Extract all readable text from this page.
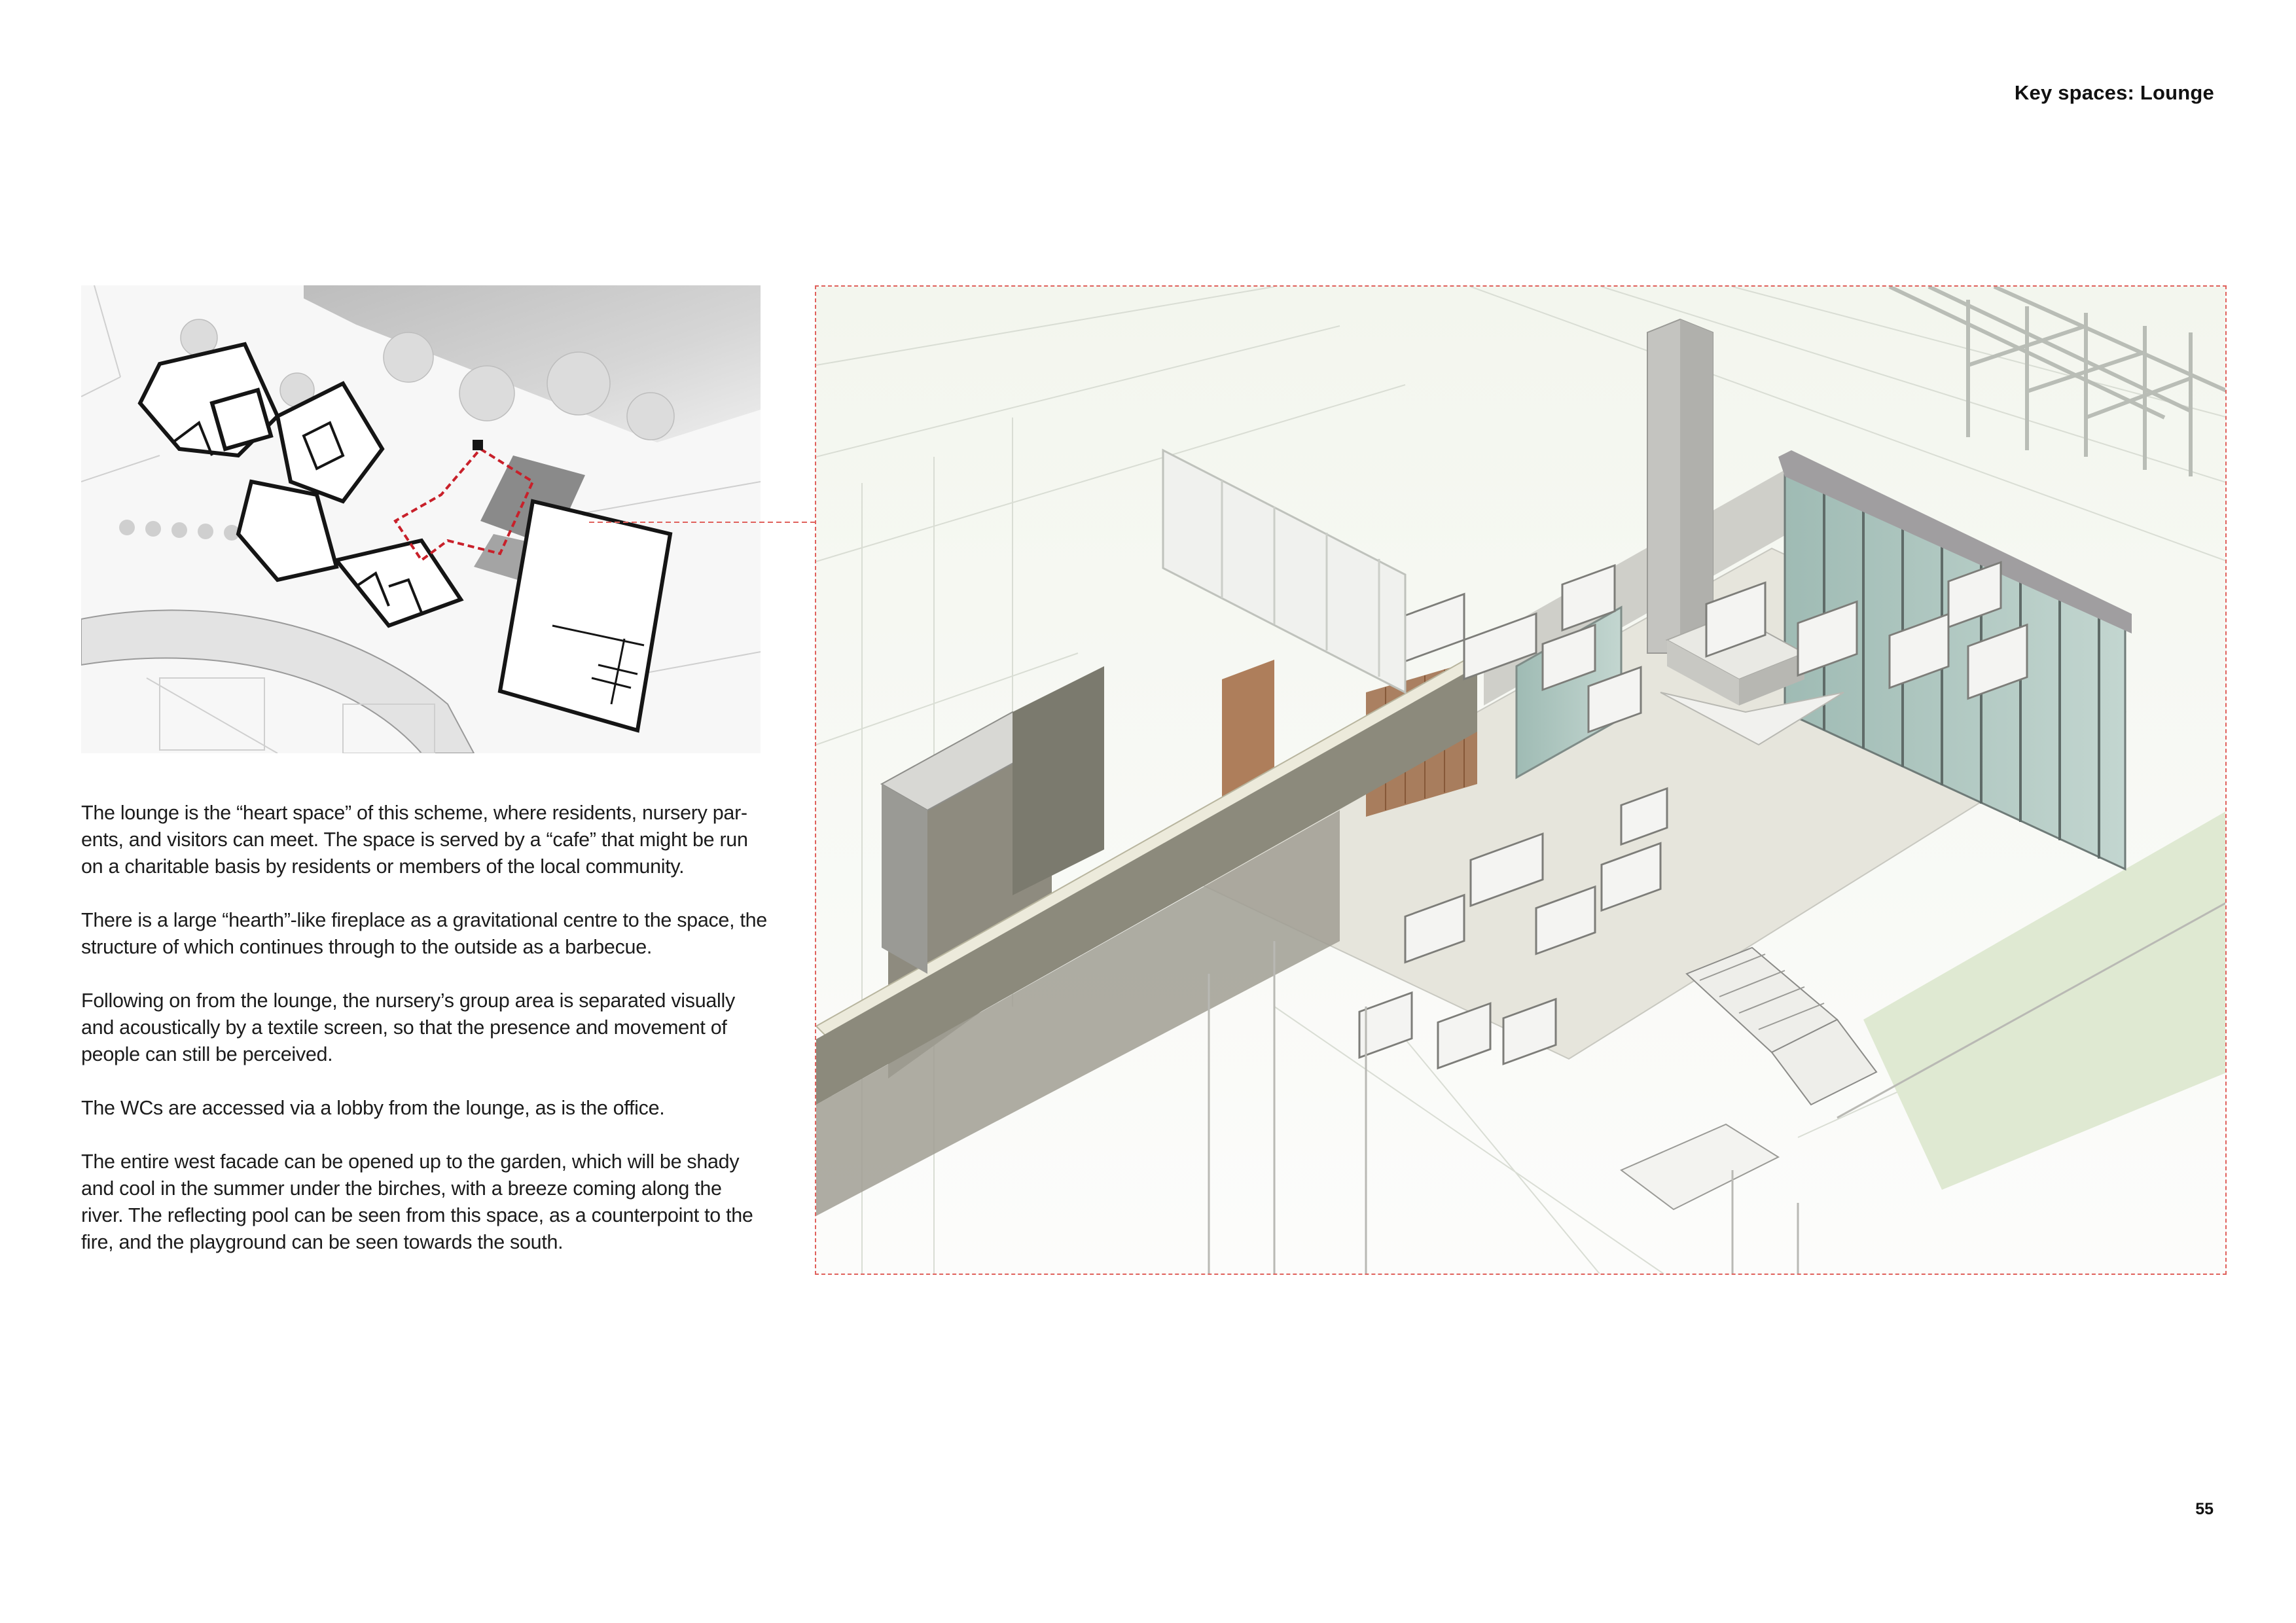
Key spaces: Lounge

The lounge is the “heart space” of this scheme, where residents, nursery par-ents, and visitors can meet. The space is served by a “cafe” that might be run on a charitable basis by residents or members of the local community.

There is a large “hearth”-like fireplace as a gravitational centre to the space, the structure of which continues through to the outside as a barbecue.

Following on from the lounge, the nursery’s group area is separated visually and acoustically by a textile screen, so that the presence and movement of people can still be perceived.

The WCs are accessed via a lobby from the lounge, as is the office.

The entire west facade can be opened up to the garden, which will be shady and cool in the summer under the birches, with a breeze coming along the river. The reflecting pool can be seen from this space, as a counterpoint to the fire, and the playground can be seen towards the south.

55
